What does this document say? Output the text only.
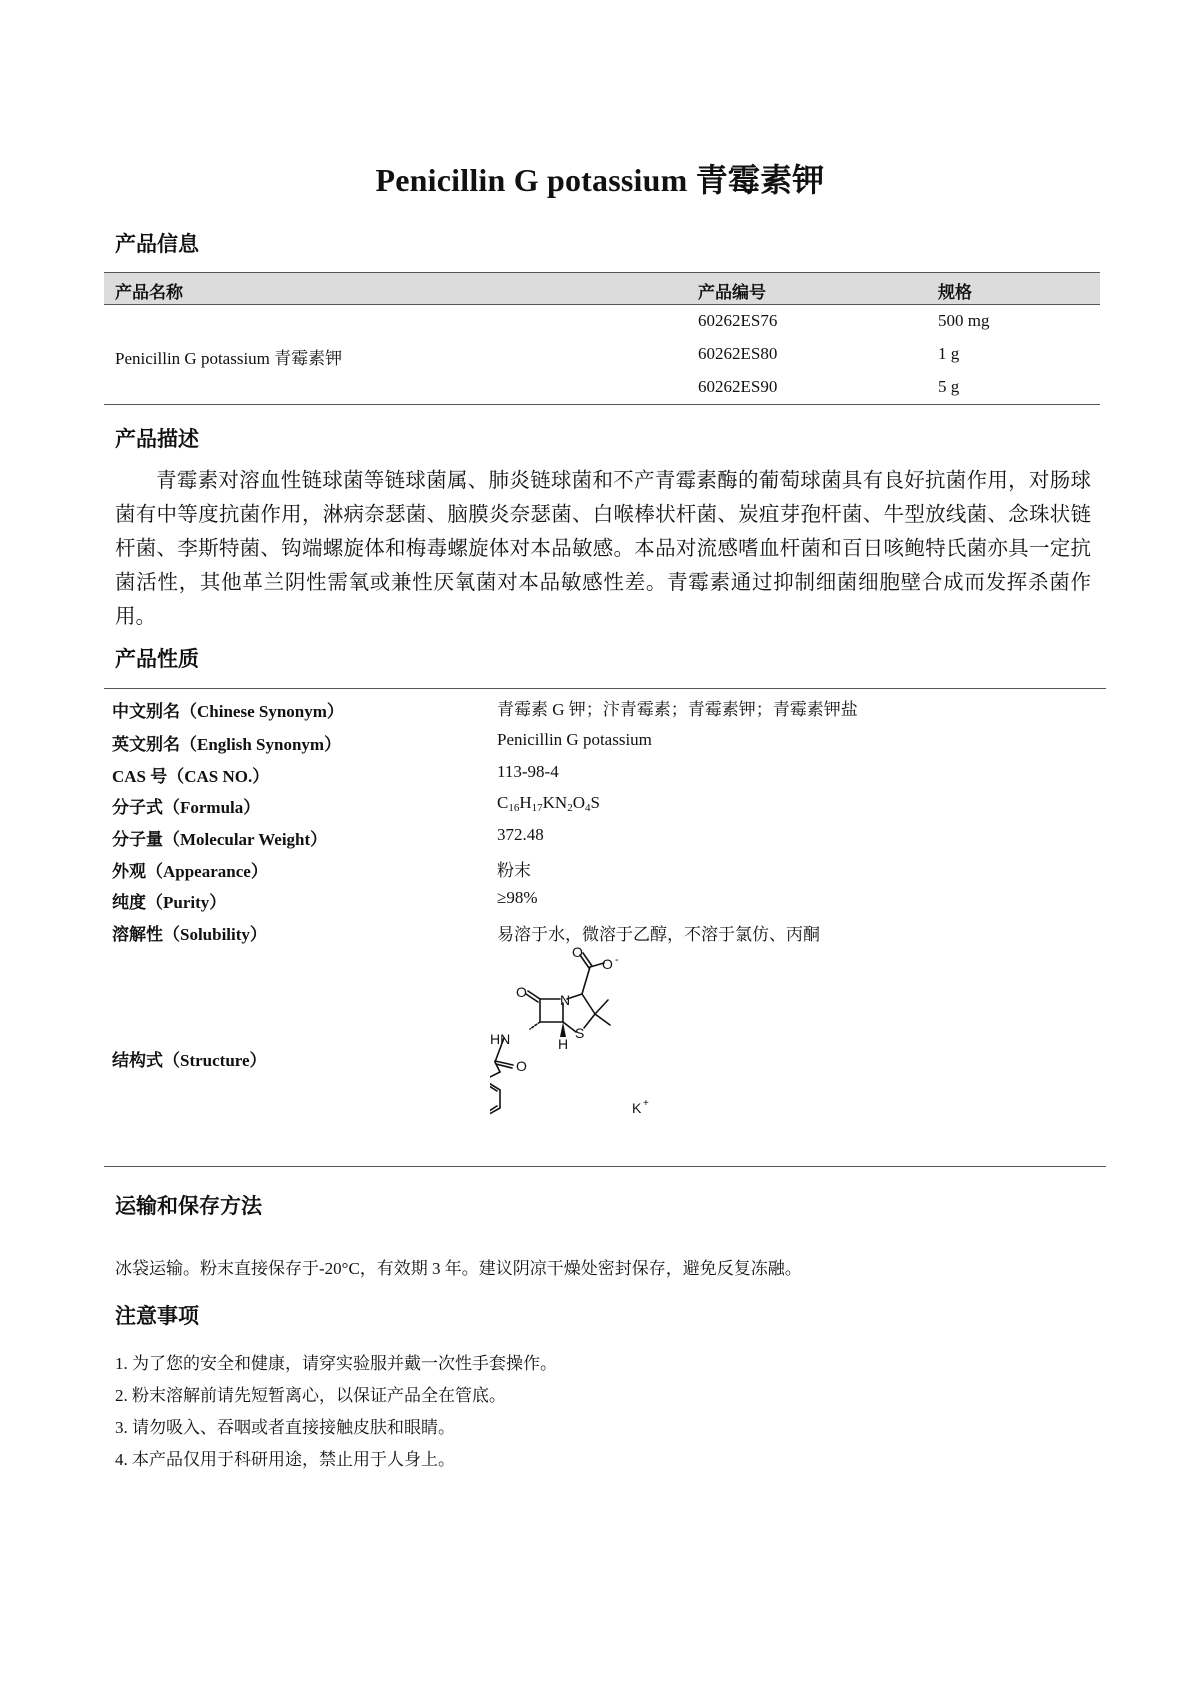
Penicillin G potassium 青霉素钾
产品信息
产品名称	产品编号	规格
Penicillin G potassium 青霉素钾
60262ES76	500 mg
60262ES80	1 g
60262ES90	5 g
产品描述
青霉素对溶血性链球菌等链球菌属、肺炎链球菌和不产青霉素酶的葡萄球菌具有良好抗菌作用，对肠球菌有中等度抗菌作用，淋病奈瑟菌、脑膜炎奈瑟菌、白喉棒状杆菌、炭疽芽孢杆菌、牛型放线菌、念珠状链杆菌、李斯特菌、钩端螺旋体和梅毒螺旋体对本品敏感。本品对流感嗜血杆菌和百日咳鲍特氏菌亦具一定抗菌活性，其他革兰阴性需氧或兼性厌氧菌对本品敏感性差。青霉素通过抑制细菌细胞壁合成而发挥杀菌作用。
产品性质
中文别名（Chinese Synonym）	青霉素 G 钾；汴青霉素；青霉素钾；青霉素钾盐
英文别名（English Synonym）	Penicillin G potassium
CAS 号（CAS NO.）	113-98-4
分子式（Formula）	$C_{16}H_{17}KN_2O_4S$
分子量（Molecular Weight）	372.48
外观（Appearance）	粉末
纯度（Purity）	≥98%
溶解性（Solubility）	易溶于水，微溶于乙醇，不溶于氯仿、丙酮
结构式（Structure）
O
O -
O N
S
HN	H
O
K +
运输和保存方法
冰袋运输。粉末直接保存于-20°C，有效期 3 年。建议阴凉干燥处密封保存，避免反复冻融。
注意事项
1. 为了您的安全和健康，请穿实验服并戴一次性手套操作。
2. 粉末溶解前请先短暂离心，以保证产品全在管底。
3. 请勿吸入、吞咽或者直接接触皮肤和眼睛。
4. 本产品仅用于科研用途，禁止用于人身上。
